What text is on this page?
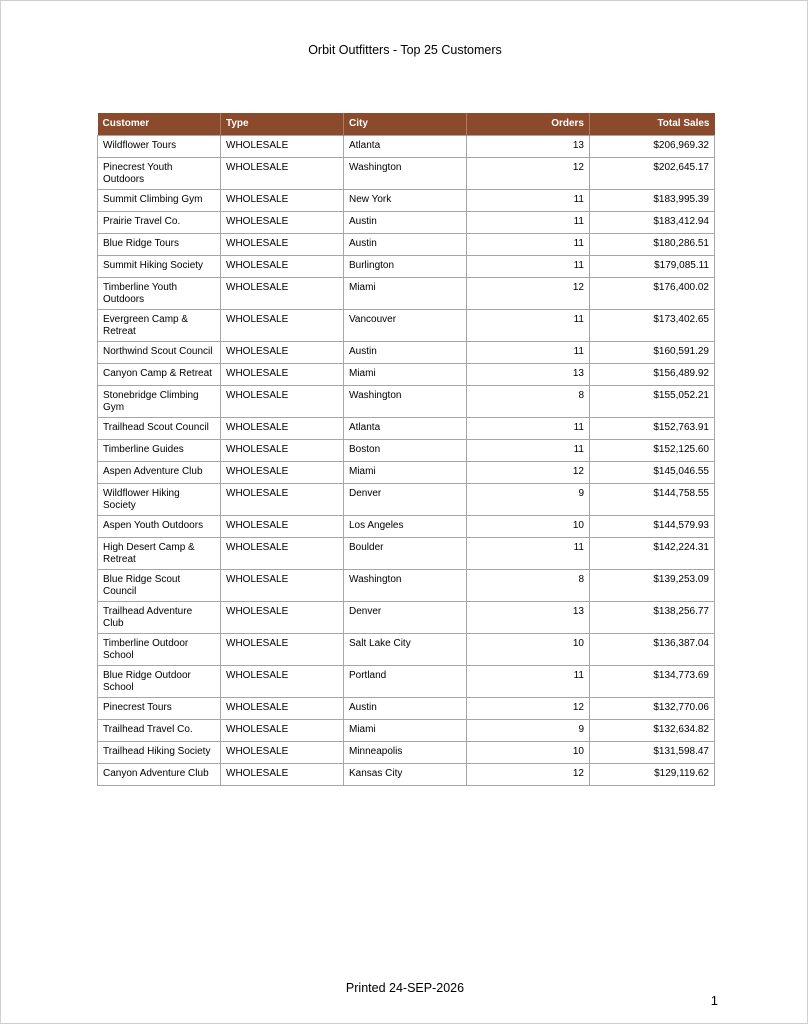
Orbit Outfitters - Top 25 Customers
Customer	Type	City	Orders	Total Sales
Wildflower Tours	WHOLESALE	Atlanta	13	$206,969.32
Pinecrest Youth Outdoors	WHOLESALE	Washington	12	$202,645.17
Summit Climbing Gym	WHOLESALE	New York	11	$183,995.39
Prairie Travel Co.	WHOLESALE	Austin	11	$183,412.94
Blue Ridge Tours	WHOLESALE	Austin	11	$180,286.51
Summit Hiking Society	WHOLESALE	Burlington	11	$179,085.11
Timberline Youth Outdoors	WHOLESALE	Miami	12	$176,400.02
Evergreen Camp & Retreat	WHOLESALE	Vancouver	11	$173,402.65
Northwind Scout Council	WHOLESALE	Austin	11	$160,591.29
Canyon Camp & Retreat	WHOLESALE	Miami	13	$156,489.92
Stonebridge Climbing Gym	WHOLESALE	Washington	8	$155,052.21
Trailhead Scout Council	WHOLESALE	Atlanta	11	$152,763.91
Timberline Guides	WHOLESALE	Boston	11	$152,125.60
Aspen Adventure Club	WHOLESALE	Miami	12	$145,046.55
Wildflower Hiking Society	WHOLESALE	Denver	9	$144,758.55
Aspen Youth Outdoors	WHOLESALE	Los Angeles	10	$144,579.93
High Desert Camp & Retreat	WHOLESALE	Boulder	11	$142,224.31
Blue Ridge Scout Council	WHOLESALE	Washington	8	$139,253.09
Trailhead Adventure Club	WHOLESALE	Denver	13	$138,256.77
Timberline Outdoor School	WHOLESALE	Salt Lake City	10	$136,387.04
Blue Ridge Outdoor School	WHOLESALE	Portland	11	$134,773.69
Pinecrest Tours	WHOLESALE	Austin	12	$132,770.06
Trailhead Travel Co.	WHOLESALE	Miami	9	$132,634.82
Trailhead Hiking Society	WHOLESALE	Minneapolis	10	$131,598.47
Canyon Adventure Club	WHOLESALE	Kansas City	12	$129,119.62
Printed 24-SEP-2026
1
